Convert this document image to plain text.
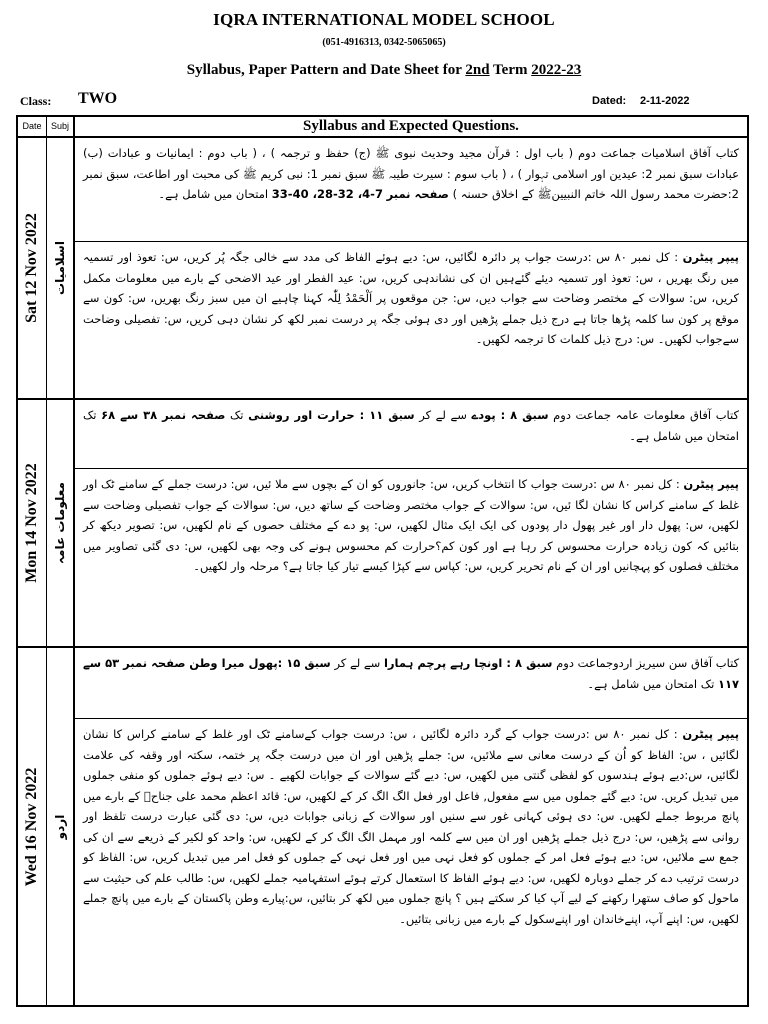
IQRA INTERNATIONAL MODEL SCHOOL
(051-4916313, 0342-5065065)
Syllabus, Paper Pattern and Date Sheet for 2nd Term 2022-23
Class: TWO	Dated: 2-11-2022
Date	Subj	Syllabus and Expected Questions.
Sat 12 Nov 2022 اسلامیات
کتاب آفاق اسلامیات جماعت دوم ( باب اول : قرآن مجید وحدیث نبوی ﷺ (ج) حفظ و ترجمہ ) ، ( باب دوم : ایمانیات و عبادات (ب) عبادات سبق نمبر 2: عیدین اور اسلامی تہوار ) ، ( باب سوم : سیرت طیبہ ﷺ سبق نمبر 1: نبی کریم ﷺ کی محبت اور اطاعت، سبق نمبر 2:حضرت محمد رسول اللہ خاتم النبیینﷺ کے اخلاق حسنہ ) صفحہ نمبر 7-4، 32-28، 40-33 امتحان میں شامل ہے۔
پیپر پیٹرن : کل نمبر ۸۰ س :درست جواب پر دائرہ لگائیں، س: دیے ہوئے الفاظ کی مدد سے خالی جگہ پُر کریں، س: تعوذ اور تسمیہ میں رنگ بھریں ، س: تعوذ اور تسمیہ دیئے گئےہیں ان کی نشاندہی کریں، س: عید الفطر اور عید الاضحی کے بارے میں معلومات مکمل کریں، س: سوالات کے مختصر وضاحت سے جواب دیں، س: جن موقعوں پر اَلْحَمْدُ لِلّٰہ کہنا چاہیے ان میں سبز رنگ بھریں، س: کون سے موقع پر کون سا کلمہ پڑھا جاتا ہے درج ذیل جملے پڑھیں اور دی ہوئی جگہ پر درست نمبر لکھ کر نشان دہی کریں، س: تفصیلی وضاحت سےجواب لکھیں۔ س: درج ذیل کلمات کا ترجمہ لکھیں۔
Mon 14 Nov 2022 معلومات عامہ
کتاب آفاق معلومات عامہ جماعت دوم سبق ۸ : پودے سے لے کر سبق ۱۱ : حرارت اور روشنی تک صفحہ نمبر ۳۸ سے ۶۸ تک امتحان میں شامل ہے۔
پیپر پیٹرن : کل نمبر ۸۰ س :درست جواب کا انتخاب کریں، س: جانوروں کو ان کے بچوں سے ملا ئیں، س: درست جملے کے سامنے ٹک اور غلط کے سامنے کراس کا نشان لگا ئیں، س: سوالات کے جواب مختصر وضاحت کے ساتھ دیں، س: سوالات کے جواب تفصیلی وضاحت سے لکھیں، س: پھول دار اور غیر پھول دار پودوں کی ایک ایک مثال لکھیں، س: پو دے کے مختلف حصوں کے نام لکھیں، س: تصویر دیکھ کر بتائیں کہ کون زیادہ حرارت محسوس کر رہا ہے اور کون کم؟حرارت کم محسوس ہونے کی وجہ بھی لکھیں، س: دی گئی تصاویر میں مختلف فصلوں کو پہچانیں اور ان کے نام تحریر کریں، س: کپاس سے کپڑا کیسے تیار کیا جاتا ہے؟ مرحلہ وار لکھیں۔
Wed 16 Nov 2022 اردو
کتاب آفاق سن سیریز اردوجماعت دوم سبق ۸ : اونچا رہے پرچم ہمارا سے لے کر سبق ۱۵ :پھول میرا وطن صفحہ نمبر ۵۳ سے ۱۱۷ تک امتحان میں شامل ہے۔
پیپر پیٹرن : کل نمبر ۸۰ س :درست جواب کے گرد دائرہ لگائیں ، س: درست جواب کےسامنے ٹک اور غلط کے سامنے کراس کا نشان لگائیں ، س: الفاظ کو اُن کے درست معانی سے ملائیں، س: جملے پڑھیں اور ان میں درست جگہ پر ختمہ، سکتہ اور وقفہ کی علامت لگائیں، س:دیے ہوئے ہندسوں کو لفظی گنتی میں لکھیں، س: دیے گئے سوالات کے جوابات لکھیے ۔ س: دیے ہوئے جملوں کو منفی جملوں میں تبدیل کریں. س: دیے گئے جملوں میں سے مفعول, فاعل اور فعل الگ الگ کر کے لکھیں، س: قائد اعظم محمد علی جناحؒ کے بارے میں پانچ مربوط جملے لکھیں. س: دی ہوئی کہانی غور سے سنیں اور سوالات کے زبانی جوابات دیں، س: دی گئی عبارت درست تلفظ اور روانی سے پڑھیں، س: درج ذیل جملے پڑھیں اور ان میں سے کلمہ اور مہمل الگ الگ کر کے لکھیں، س: واحد کو لکیر کے ذریعے سے ان کی جمع سے ملائیں، س: دیے ہوئے فعل امر کے جملوں کو فعل نہی میں اور فعل نہی کے جملوں کو فعل امر میں تبدیل کریں، س: الفاظ کو درست ترتیب دے کر جملے دوبارہ لکھیں، س: دیے ہوئے الفاظ کا استعمال کرتے ہوئے استفہامیہ جملے لکھیں، س: طالب علم کی حیثیت سے ماحول کو صاف ستھرا رکھنے کے لیے آپ کیا کر سکتے ہیں ؟ پانچ جملوں میں لکھ کر بتائیں، س:پیارے وطن پاکستان کے بارے میں پانچ جملے لکھیں، س: اپنے آپ، اپنےخاندان اور اپنےسکول کے بارے میں زبانی بتائیں۔
